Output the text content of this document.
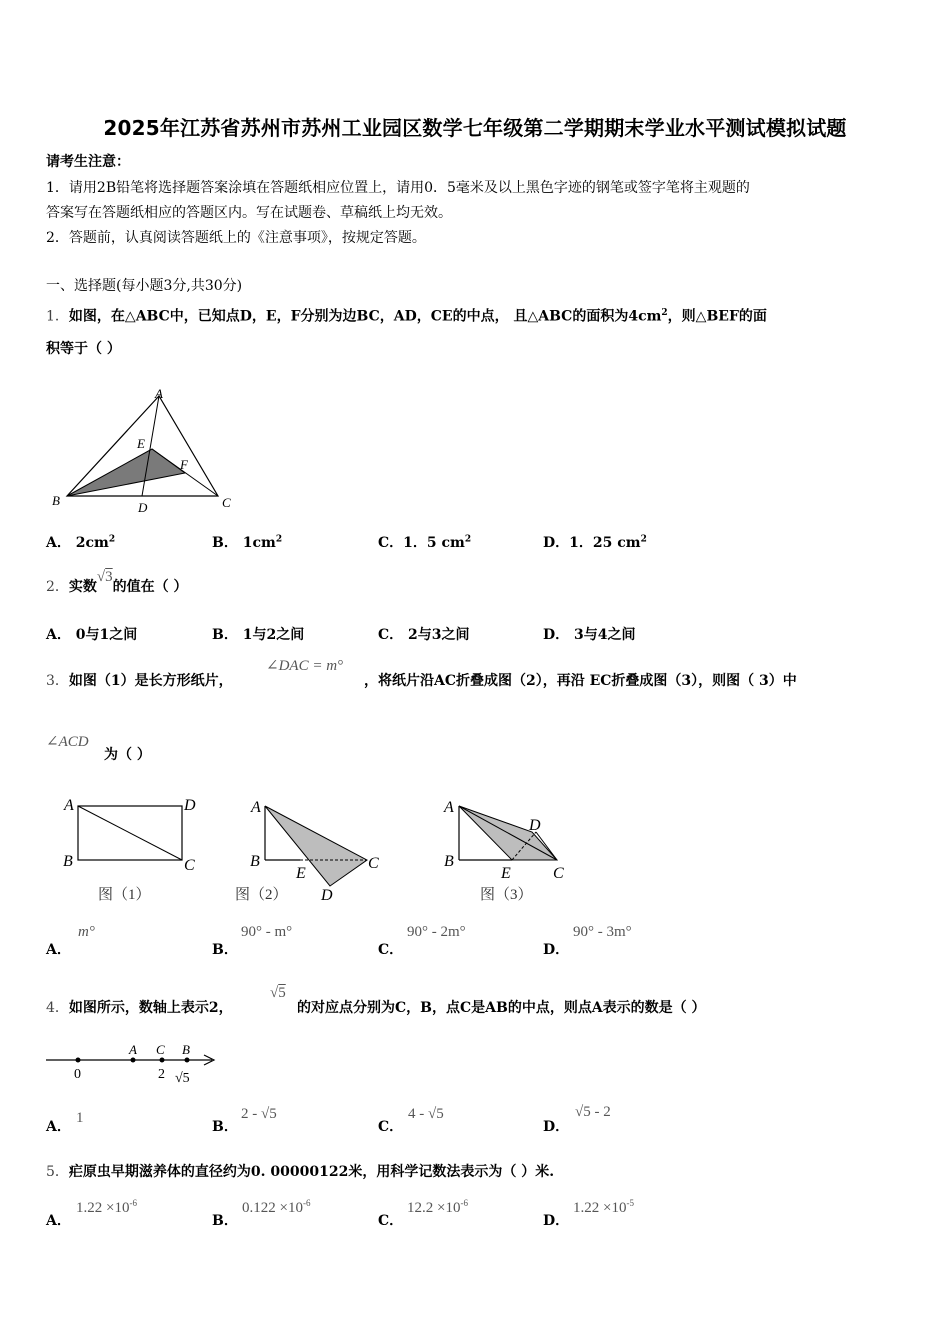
2025年江苏省苏州市苏州工业园区数学七年级第二学期期末学业水平测试模拟试题
请考生注意：
1．请用2B铅笔将选择题答案涂填在答题纸相应位置上，请用0．5毫米及以上黑色字迹的钢笔或签字笔将主观题的
答案写在答题纸相应的答题区内。写在试题卷、草稿纸上均无效。
2．答题前，认真阅读答题纸上的《注意事项》，按规定答题。
一、选择题(每小题3分,共30分)
1．如图，在△ABC中，已知点D，E，F分别为边BC，AD，CE的中点， 且△ABC的面积为$4cm^2$，则△BEF的面
积等于（ ）
A
B	C
D
E
F
A． $2cm^2$	B． $1cm^2$	C．1．5 $cm^2$	D．1．25 $cm^2$
2．实数√3的值在（ ）
A． 0与1之间	B． 1与2之间	C． 2与3之间	D． 3与4之间
3．如图（1）是长方形纸片，
∠DAC = m°
，将纸片沿AC折叠成图（2），再沿 EC折叠成图（3），则图（ 3）中
∠ACD
为（ ）
A	D
B	C
图（1）
A
B	C
E
D
图（2）
A
B
C
E
D
图（3）
A．
m°
B．
90° - m°
C．
90° - 2m°
D．
90° - 3m°
4．如图所示，数轴上表示2，
√5
的对应点分别为C，B，点C是AB的中点，则点A表示的数是（ ）
A C B
0	2 √5
A．
1
B．
2 - √5
C．
4 - √5
D．
√5 - 2
5．疟原虫早期滋养体的直径约为0. 00000122米，用科学记数法表示为（ ）米.
A．
$1.22 \times 10^{-6}$
B．
$0.122 \times 10^{-6}$
C．
$12.2 \times 10^{-6}$
D．
$1.22 \times 10^{-5}$
